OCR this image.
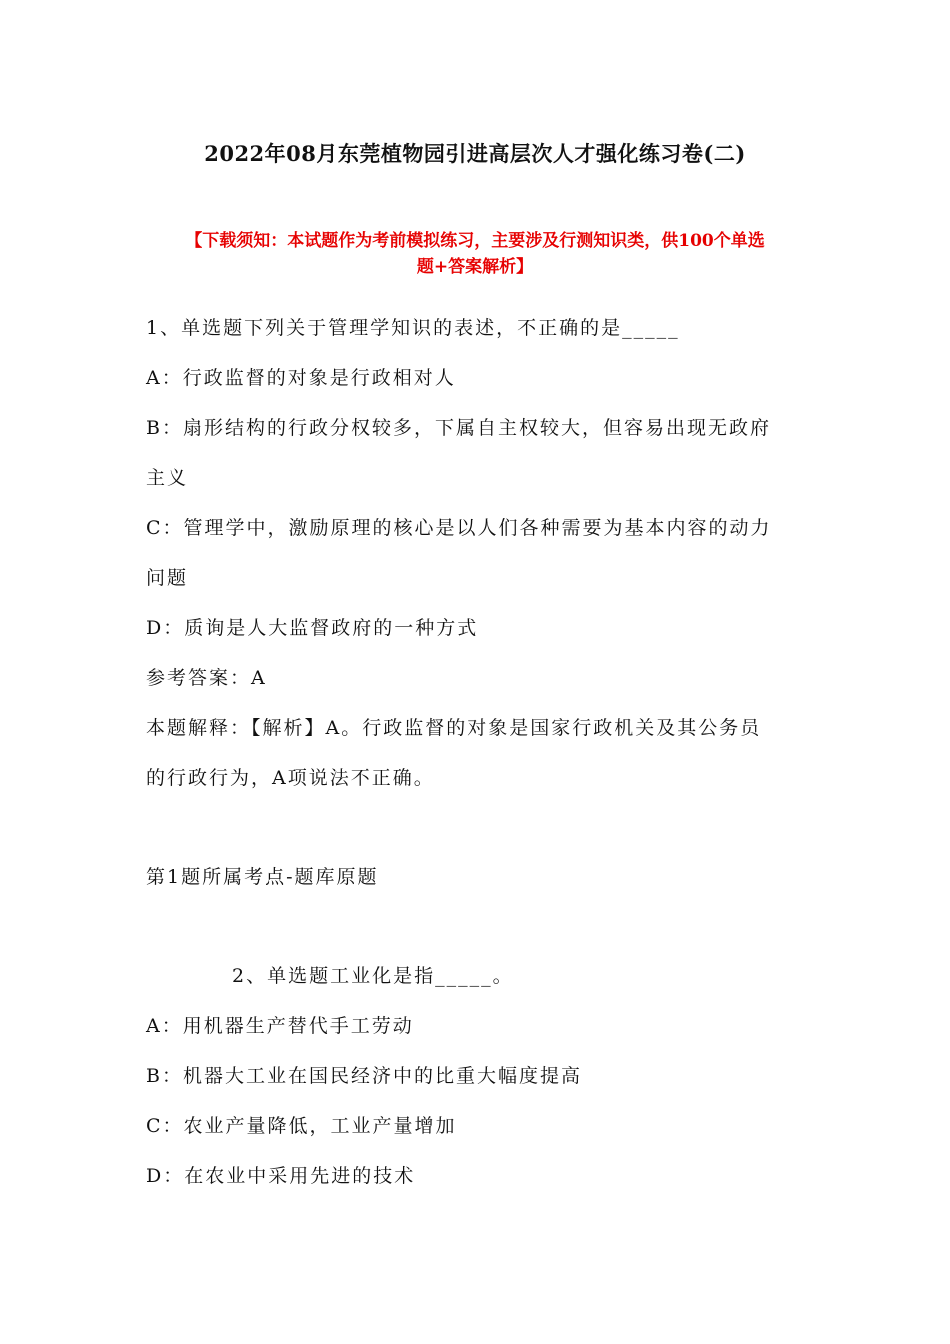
2022年08月东莞植物园引进高层次人才强化练习卷(二)
【下载须知：本试题作为考前模拟练习，主要涉及行测知识类，供100个单选
题+答案解析】
1、单选题下列关于管理学知识的表述，不正确的是_____
A：行政监督的对象是行政相对人
B：扇形结构的行政分权较多，下属自主权较大，但容易出现无政府
主义
C：管理学中，激励原理的核心是以人们各种需要为基本内容的动力
问题
D：质询是人大监督政府的一种方式
参考答案：A
本题解释：【解析】A。行政监督的对象是国家行政机关及其公务员
的行政行为，A项说法不正确。
第1题所属考点-题库原题
2、单选题工业化是指_____。
A：用机器生产替代手工劳动
B：机器大工业在国民经济中的比重大幅度提高
C：农业产量降低，工业产量增加
D：在农业中采用先进的技术
